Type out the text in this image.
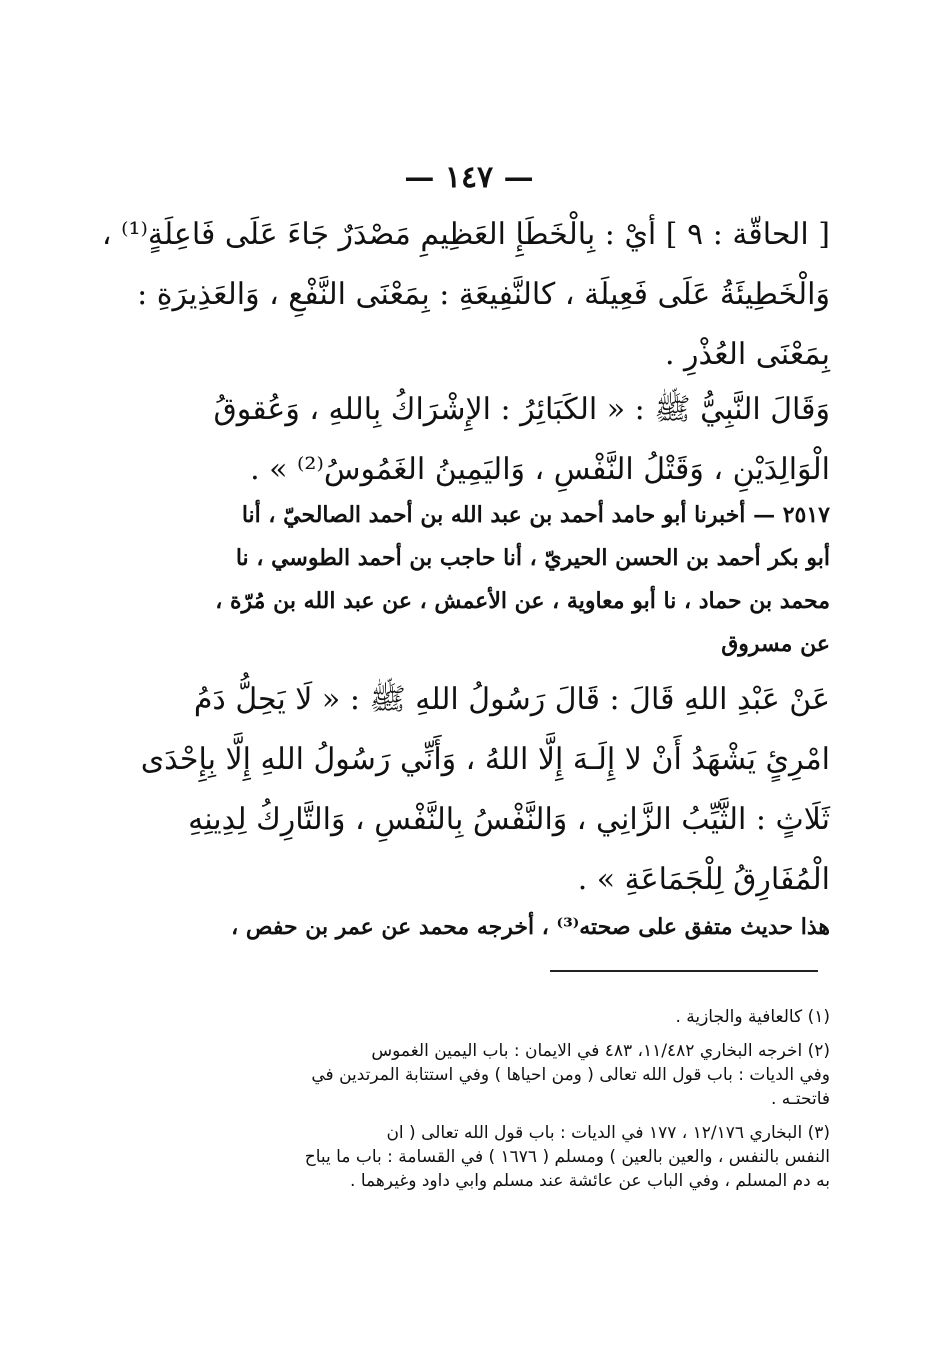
— ١٤٧ —
[ الحاقّة : ٩ ] أيْ : بِالْخَطَإِ العَظِيمِ مَصْدَرٌ جَاءَ عَلَى فَاعِلَةٍ⁽¹⁾ ،
وَالْخَطِيئَةُ عَلَى فَعِيلَة ، كالنَّفِيعَةِ : بِمَعْنَى النَّفْعِ ، وَالعَذِيرَةِ :
بِمَعْنَى العُذْرِ .
وَقَالَ النَّبِيُّ ﷺ : « الكَبَائِرُ : الإِشْرَاكُ بِاللهِ ، وَعُقوقُ
الْوَالِدَيْنِ ، وَقَتْلُ النَّفْسِ ، وَاليَمِينُ الغَمُوسُ⁽²⁾ » .
٢٥١٧ — أخبرنا أبو حامد أحمد بن عبد الله بن أحمد الصالحيّ ، أنا
أبو بكر أحمد بن الحسن الحيريّ ، أنا حاجب بن أحمد الطوسي ، نا
محمد بن حماد ، نا أبو معاوية ، عن الأعمش ، عن عبد الله بن مُرّة ،
عن مسروق
عَنْ عَبْدِ اللهِ قَالَ : قَالَ رَسُولُ اللهِ ﷺ : « لَا يَحِلُّ دَمُ
امْرِئٍ يَشْهَدُ أَنْ لا إِلَـهَ إِلَّا اللهُ ، وَأَنِّي رَسُولُ اللهِ إِلَّا بِإِحْدَى
ثَلَاثٍ : الثَّيِّبُ الزَّانِي ، وَالنَّفْسُ بِالنَّفْسِ ، وَالتَّارِكُ لِدِينِهِ
الْمُفَارِقُ لِلْجَمَاعَةِ » .
هذا حديث متفق على صحته⁽³⁾ ، أخرجه محمد عن عمر بن حفص ،
(١) كالعافية والجازية .
(٢) اخرجه البخاري ١١/٤٨٢، ٤٨٣ في الايمان : باب اليمين الغموس
وفي الديات : باب قول الله تعالى ( ومن احياها ) وفي استتابة المرتدين في
فاتحتـه .
(٣) البخاري ١٢/١٧٦ ، ١٧٧ في الديات : باب قول الله تعالى ( ان
النفس بالنفس ، والعين بالعين ) ومسلم ( ١٦٧٦ ) في القسامة : باب ما يباح
به دم المسلم ، وفي الباب عن عائشة عند مسلم وابي داود وغيرهما .
